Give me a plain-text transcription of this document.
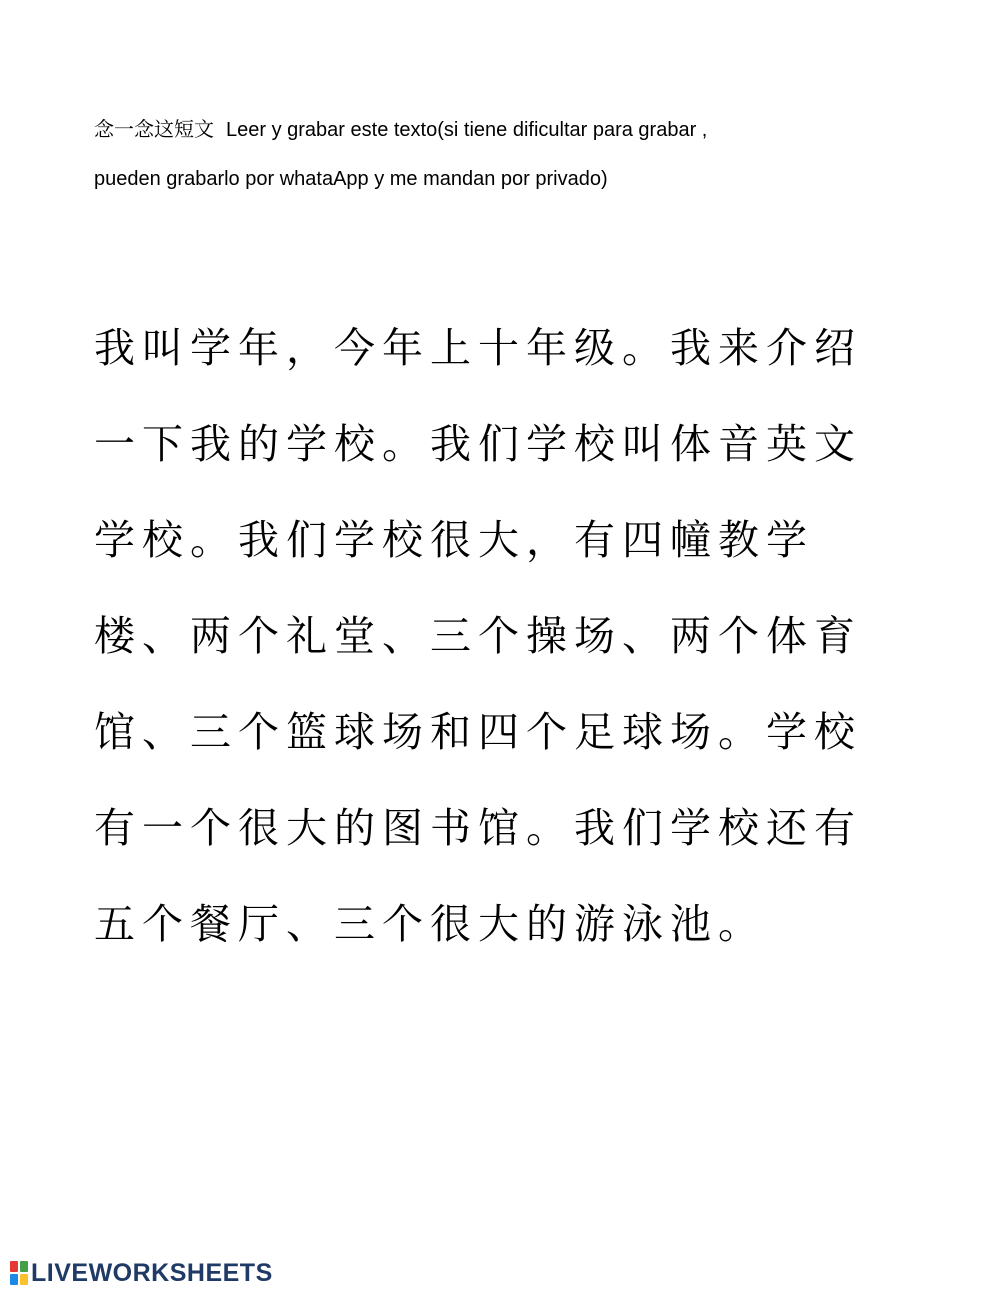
念一念这短文 Leer y grabar este texto(si tiene dificultar para grabar ,
pueden grabarlo por whataApp y me mandan por privado)
我叫学年，今年上十年级。我来介绍
一下我的学校。我们学校叫体音英文
学校。我们学校很大，有四幢教学
楼、两个礼堂、三个操场、两个体育
馆、三个篮球场和四个足球场。学校
有一个很大的图书馆。我们学校还有
五个餐厅、三个很大的游泳池。
LIVEWORKSHEETS
